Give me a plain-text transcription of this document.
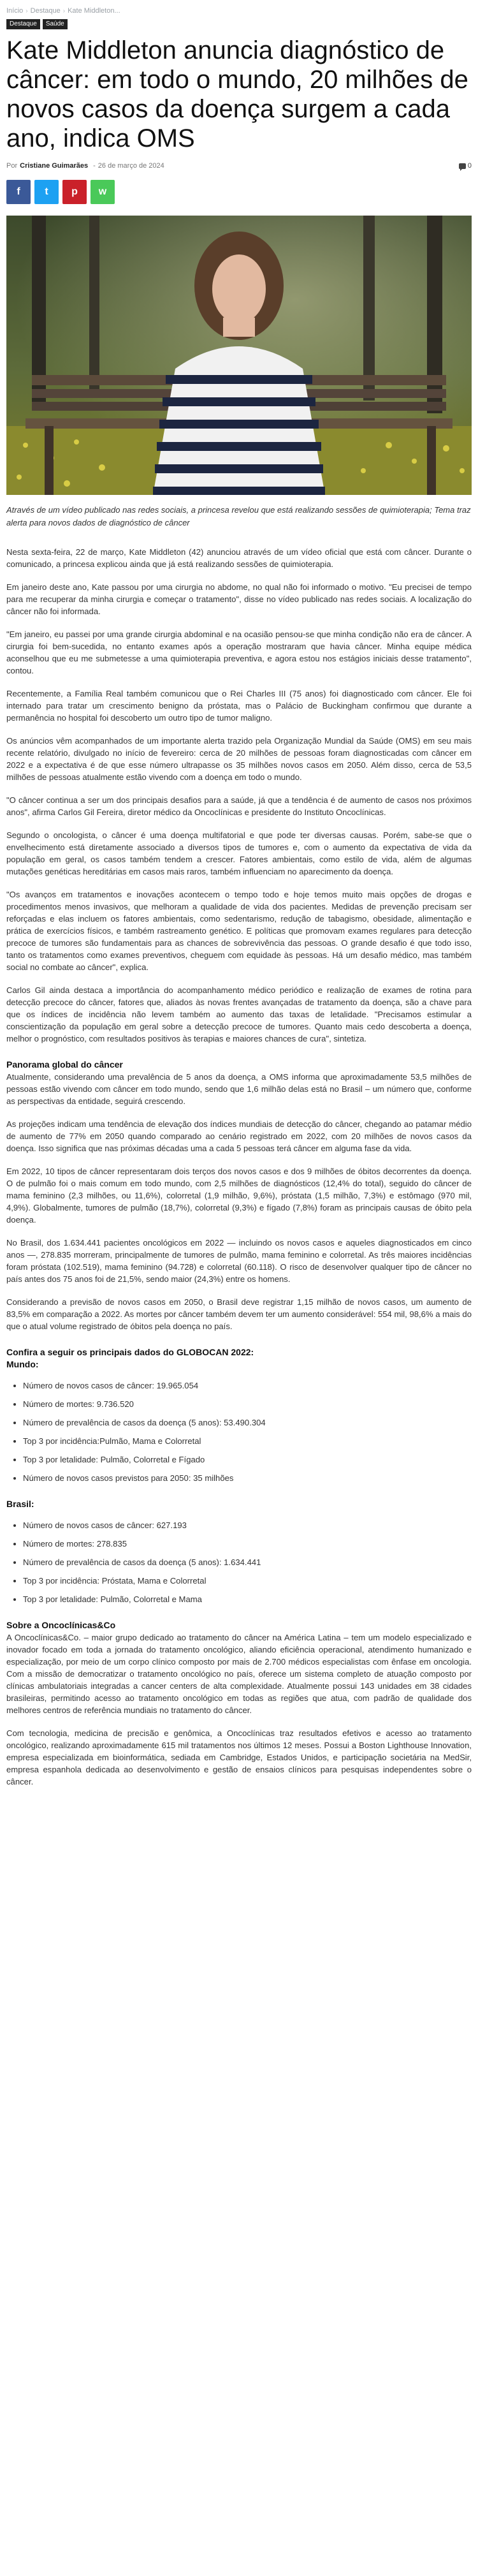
Início › Destaque › Kate Middleton...
Destaque	Saúde
Kate Middleton anuncia diagnóstico de câncer: em todo o mundo, 20 milhões de novos casos da doença surgem a cada ano, indica OMS
Por Cristiane Guimarães - 26 de março de 2024	0
f t p w

Através de um vídeo publicado nas redes sociais, a princesa revelou que está realizando sessões de quimioterapia; Tema traz alerta para novos dados de diagnóstico de câncer

Nesta sexta-feira, 22 de março, Kate Middleton (42) anunciou através de um vídeo oficial que está com câncer. Durante o comunicado, a princesa explicou ainda que já está realizando sessões de quimioterapia.

Em janeiro deste ano, Kate passou por uma cirurgia no abdome, no qual não foi informado o motivo. "Eu precisei de tempo para me recuperar da minha cirurgia e começar o tratamento", disse no vídeo publicado nas redes sociais. A localização do câncer não foi informada.

"Em janeiro, eu passei por uma grande cirurgia abdominal e na ocasião pensou-se que minha condição não era de câncer. A cirurgia foi bem-sucedida, no entanto exames após a operação mostraram que havia câncer. Minha equipe médica aconselhou que eu me submetesse a uma quimioterapia preventiva, e agora estou nos estágios iniciais desse tratamento", contou.

Recentemente, a Família Real também comunicou que o Rei Charles III (75 anos) foi diagnosticado com câncer. Ele foi internado para tratar um crescimento benigno da próstata, mas o Palácio de Buckingham confirmou que durante a permanência no hospital foi descoberto um outro tipo de tumor maligno.

Os anúncios vêm acompanhados de um importante alerta trazido pela Organização Mundial da Saúde (OMS) em seu mais recente relatório, divulgado no início de fevereiro: cerca de 20 milhões de pessoas foram diagnosticadas com câncer em 2022 e a expectativa é de que esse número ultrapasse os 35 milhões novos casos em 2050. Além disso, cerca de 53,5 milhões de pessoas atualmente estão vivendo com a doença em todo o mundo.

"O câncer continua a ser um dos principais desafios para a saúde, já que a tendência é de aumento de casos nos próximos anos", afirma Carlos Gil Fereira, diretor médico da Oncoclínicas e presidente do Instituto Oncoclínicas.

Segundo o oncologista, o câncer é uma doença multifatorial e que pode ter diversas causas. Porém, sabe-se que o envelhecimento está diretamente associado a diversos tipos de tumores e, com o aumento da expectativa de vida da população em geral, os casos também tendem a crescer. Fatores ambientais, como estilo de vida, além de algumas mutações genéticas hereditárias em casos mais raros, também influenciam no aparecimento da doença.

"Os avanços em tratamentos e inovações acontecem o tempo todo e hoje temos muito mais opções de drogas e procedimentos menos invasivos, que melhoram a qualidade de vida dos pacientes. Medidas de prevenção precisam ser reforçadas e elas incluem os fatores ambientais, como sedentarismo, redução de tabagismo, obesidade, alimentação e prática de exercícios físicos, e também rastreamento genético. E políticas que promovam exames regulares para detecção precoce de tumores são fundamentais para as chances de sobrevivência das pessoas. O grande desafio é que todo isso, tanto os tratamentos como exames preventivos, cheguem com equidade às pessoas. Há um desafio médico, mas também social no combate ao câncer", explica.

Carlos Gil ainda destaca a importância do acompanhamento médico periódico e realização de exames de rotina para detecção precoce do câncer, fatores que, aliados às novas frentes avançadas de tratamento da doença, são a chave para que os índices de incidência não levem também ao aumento das taxas de letalidade. "Precisamos estimular a conscientização da população em geral sobre a detecção precoce de tumores. Quanto mais cedo descoberta a doença, melhor o prognóstico, com resultados positivos às terapias e maiores chances de cura", sintetiza.

Panorama global do câncer

Atualmente, considerando uma prevalência de 5 anos da doença, a OMS informa que aproximadamente 53,5 milhões de pessoas estão vivendo com câncer em todo mundo, sendo que 1,6 milhão delas está no Brasil – um número que, conforme as perspectivas da entidade, seguirá crescendo.

As projeções indicam uma tendência de elevação dos índices mundiais de detecção do câncer, chegando ao patamar médio de aumento de 77% em 2050 quando comparado ao cenário registrado em 2022, com 20 milhões de novos casos da doença. Isso significa que nas próximas décadas uma a cada 5 pessoas terá câncer em alguma fase da vida.

Em 2022, 10 tipos de câncer representaram dois terços dos novos casos e dos 9 milhões de óbitos decorrentes da doença. O de pulmão foi o mais comum em todo mundo, com 2,5 milhões de diagnósticos (12,4% do total), seguido do câncer de mama feminino (2,3 milhões, ou 11,6%), colorretal (1,9 milhão, 9,6%), próstata (1,5 milhão, 7,3%) e estômago (970 mil, 4,9%). Globalmente, tumores de pulmão (18,7%), colorretal (9,3%) e fígado (7,8%) foram as principais causas de óbito pela doença.

No Brasil, dos 1.634.441 pacientes oncológicos em 2022 — incluindo os novos casos e aqueles diagnosticados em cinco anos —, 278.835 morreram, principalmente de tumores de pulmão, mama feminino e colorretal. As três maiores incidências foram próstata (102.519), mama feminino (94.728) e colorretal (60.118). O risco de desenvolver qualquer tipo de câncer no país antes dos 75 anos foi de 21,5%, sendo maior (24,3%) entre os homens.

Considerando a previsão de novos casos em 2050, o Brasil deve registrar 1,15 milhão de novos casos, um aumento de 83,5% em comparação a 2022. As mortes por câncer também devem ter um aumento considerável: 554 mil, 98,6% a mais do que o atual volume registrado de óbitos pela doença no país.

Confira a seguir os principais dados do GLOBOCAN 2022:
Mundo:
• Número de novos casos de câncer: 19.965.054
• Número de mortes: 9.736.520
• Número de prevalência de casos da doença (5 anos): 53.490.304
• Top 3 por incidência:Pulmão, Mama e Colorretal
• Top 3 por letalidade: Pulmão, Colorretal e Fígado
• Número de novos casos previstos para 2050: 35 milhões
Brasil:
• Número de novos casos de câncer: 627.193
• Número de mortes: 278.835
• Número de prevalência de casos da doença (5 anos): 1.634.441
• Top 3 por incidência: Próstata, Mama e Colorretal
• Top 3 por letalidade: Pulmão, Colorretal e Mama
Sobre a Oncoclínicas&Co

A Oncoclínicas&Co. – maior grupo dedicado ao tratamento do câncer na América Latina – tem um modelo especializado e inovador focado em toda a jornada do tratamento oncológico, aliando eficiência operacional, atendimento humanizado e especialização, por meio de um corpo clínico composto por mais de 2.700 médicos especialistas com ênfase em oncologia. Com a missão de democratizar o tratamento oncológico no país, oferece um sistema completo de atuação composto por clínicas ambulatoriais integradas a cancer centers de alta complexidade. Atualmente possui 143 unidades em 38 cidades brasileiras, permitindo acesso ao tratamento oncológico em todas as regiões que atua, com padrão de qualidade dos melhores centros de referência mundiais no tratamento do câncer.

Com tecnologia, medicina de precisão e genômica, a Oncoclínicas traz resultados efetivos e acesso ao tratamento oncológico, realizando aproximadamente 615 mil tratamentos nos últimos 12 meses. Possui a Boston Lighthouse Innovation, empresa especializada em bioinformática, sediada em Cambridge, Estados Unidos, e participação societária na MedSir, empresa espanhola dedicada ao desenvolvimento e gestão de ensaios clínicos para pesquisas independentes sobre o câncer.
